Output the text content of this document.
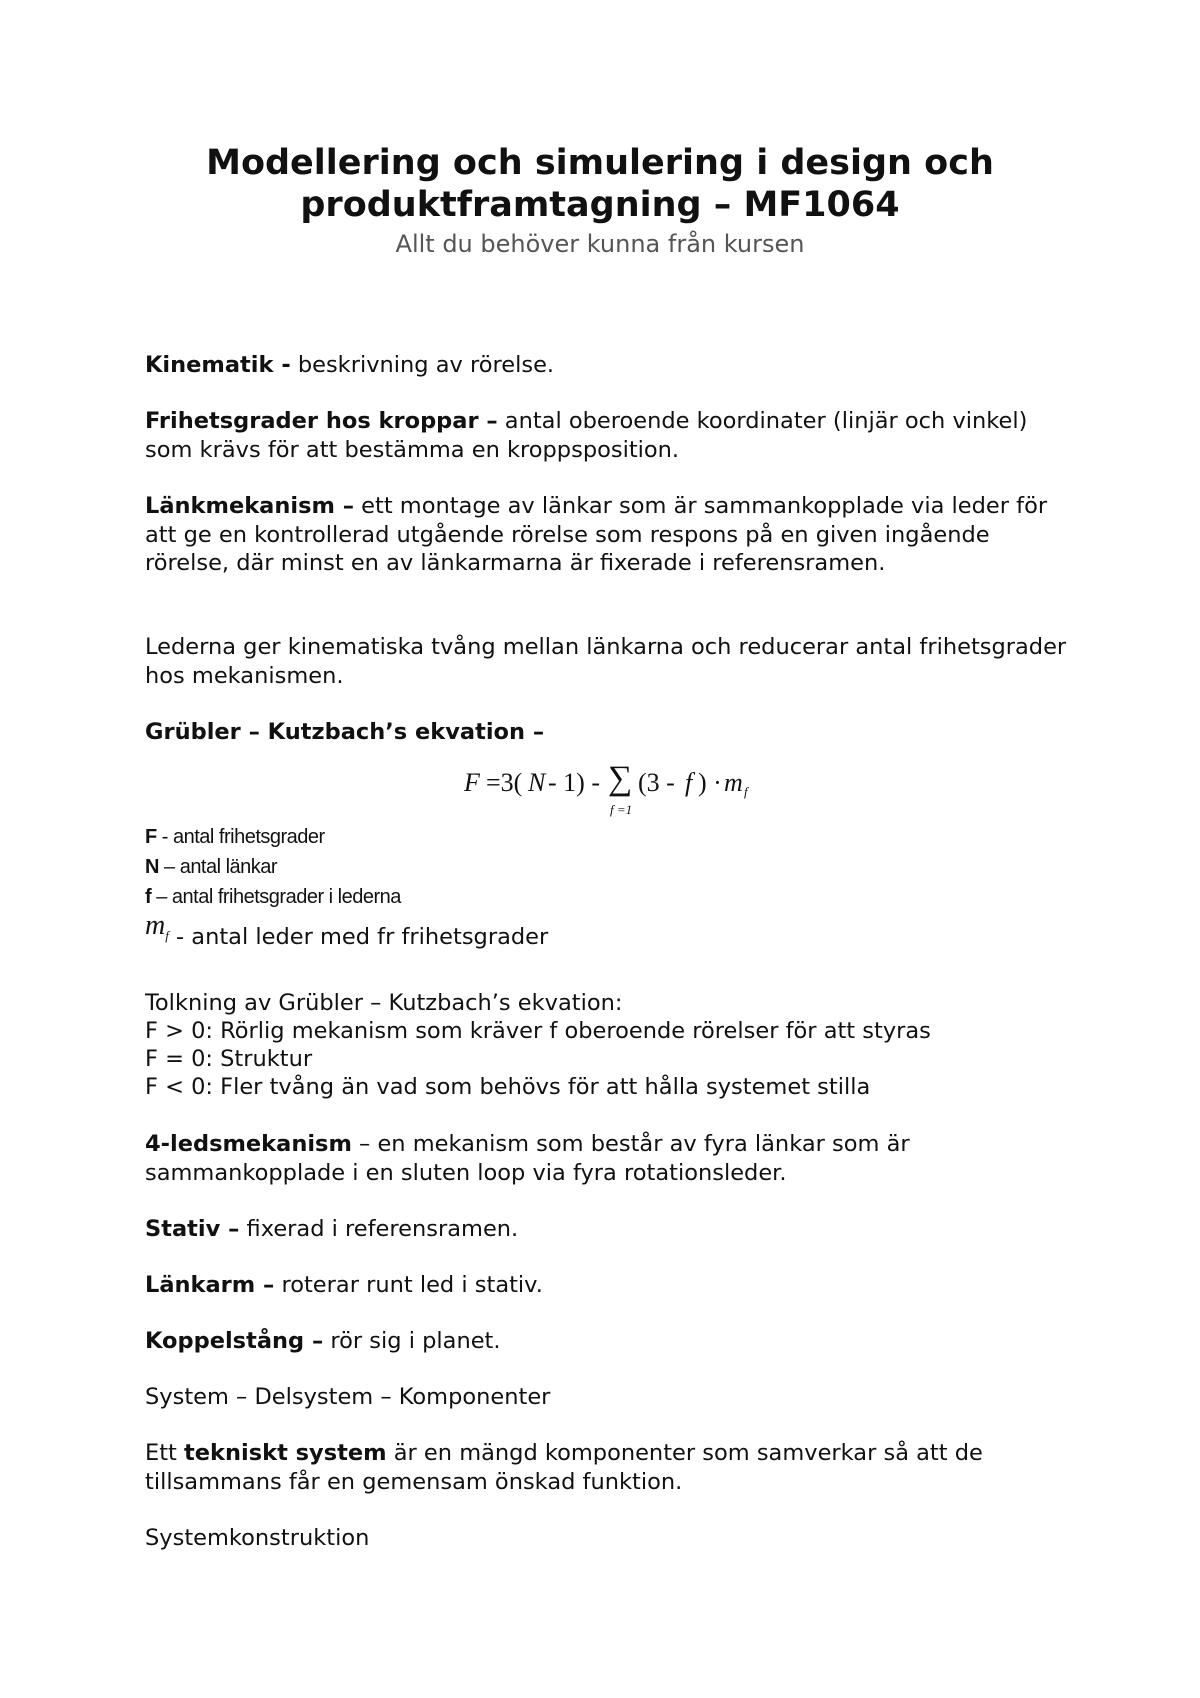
Modellering och simulering i design och
produktframtagning – MF1064
Allt du behöver kunna från kursen
Kinematik - beskrivning av rörelse.
Frihetsgrader hos kroppar – antal oberoende koordinater (linjär och vinkel) som krävs för att bestämma en kroppsposition.
Länkmekanism – ett montage av länkar som är sammankopplade via leder för att ge en kontrollerad utgående rörelse som respons på en given ingående rörelse, där minst en av länkarmarna är fixerade i referensramen.
Lederna ger kinematiska tvång mellan länkarna och reducerar antal frihetsgrader hos mekanismen.
Grübler – Kutzbach’s ekvation –
F =3( N - 1) - ∑
f =1
(3 - f ) · m f
F - antal frihetsgrader
N – antal länkar
f – antal frihetsgrader i lederna
mf - antal leder med fr frihetsgrader
Tolkning av Grübler – Kutzbach’s ekvation:
F > 0: Rörlig mekanism som kräver f oberoende rörelser för att styras
F = 0: Struktur
F < 0: Fler tvång än vad som behövs för att hålla systemet stilla
4-ledsmekanism – en mekanism som består av fyra länkar som är sammankopplade i en sluten loop via fyra rotationsleder.
Stativ – fixerad i referensramen.
Länkarm – roterar runt led i stativ.
Koppelstång – rör sig i planet.
System – Delsystem – Komponenter
Ett tekniskt system är en mängd komponenter som samverkar så att de tillsammans får en gemensam önskad funktion.
Systemkonstruktion
